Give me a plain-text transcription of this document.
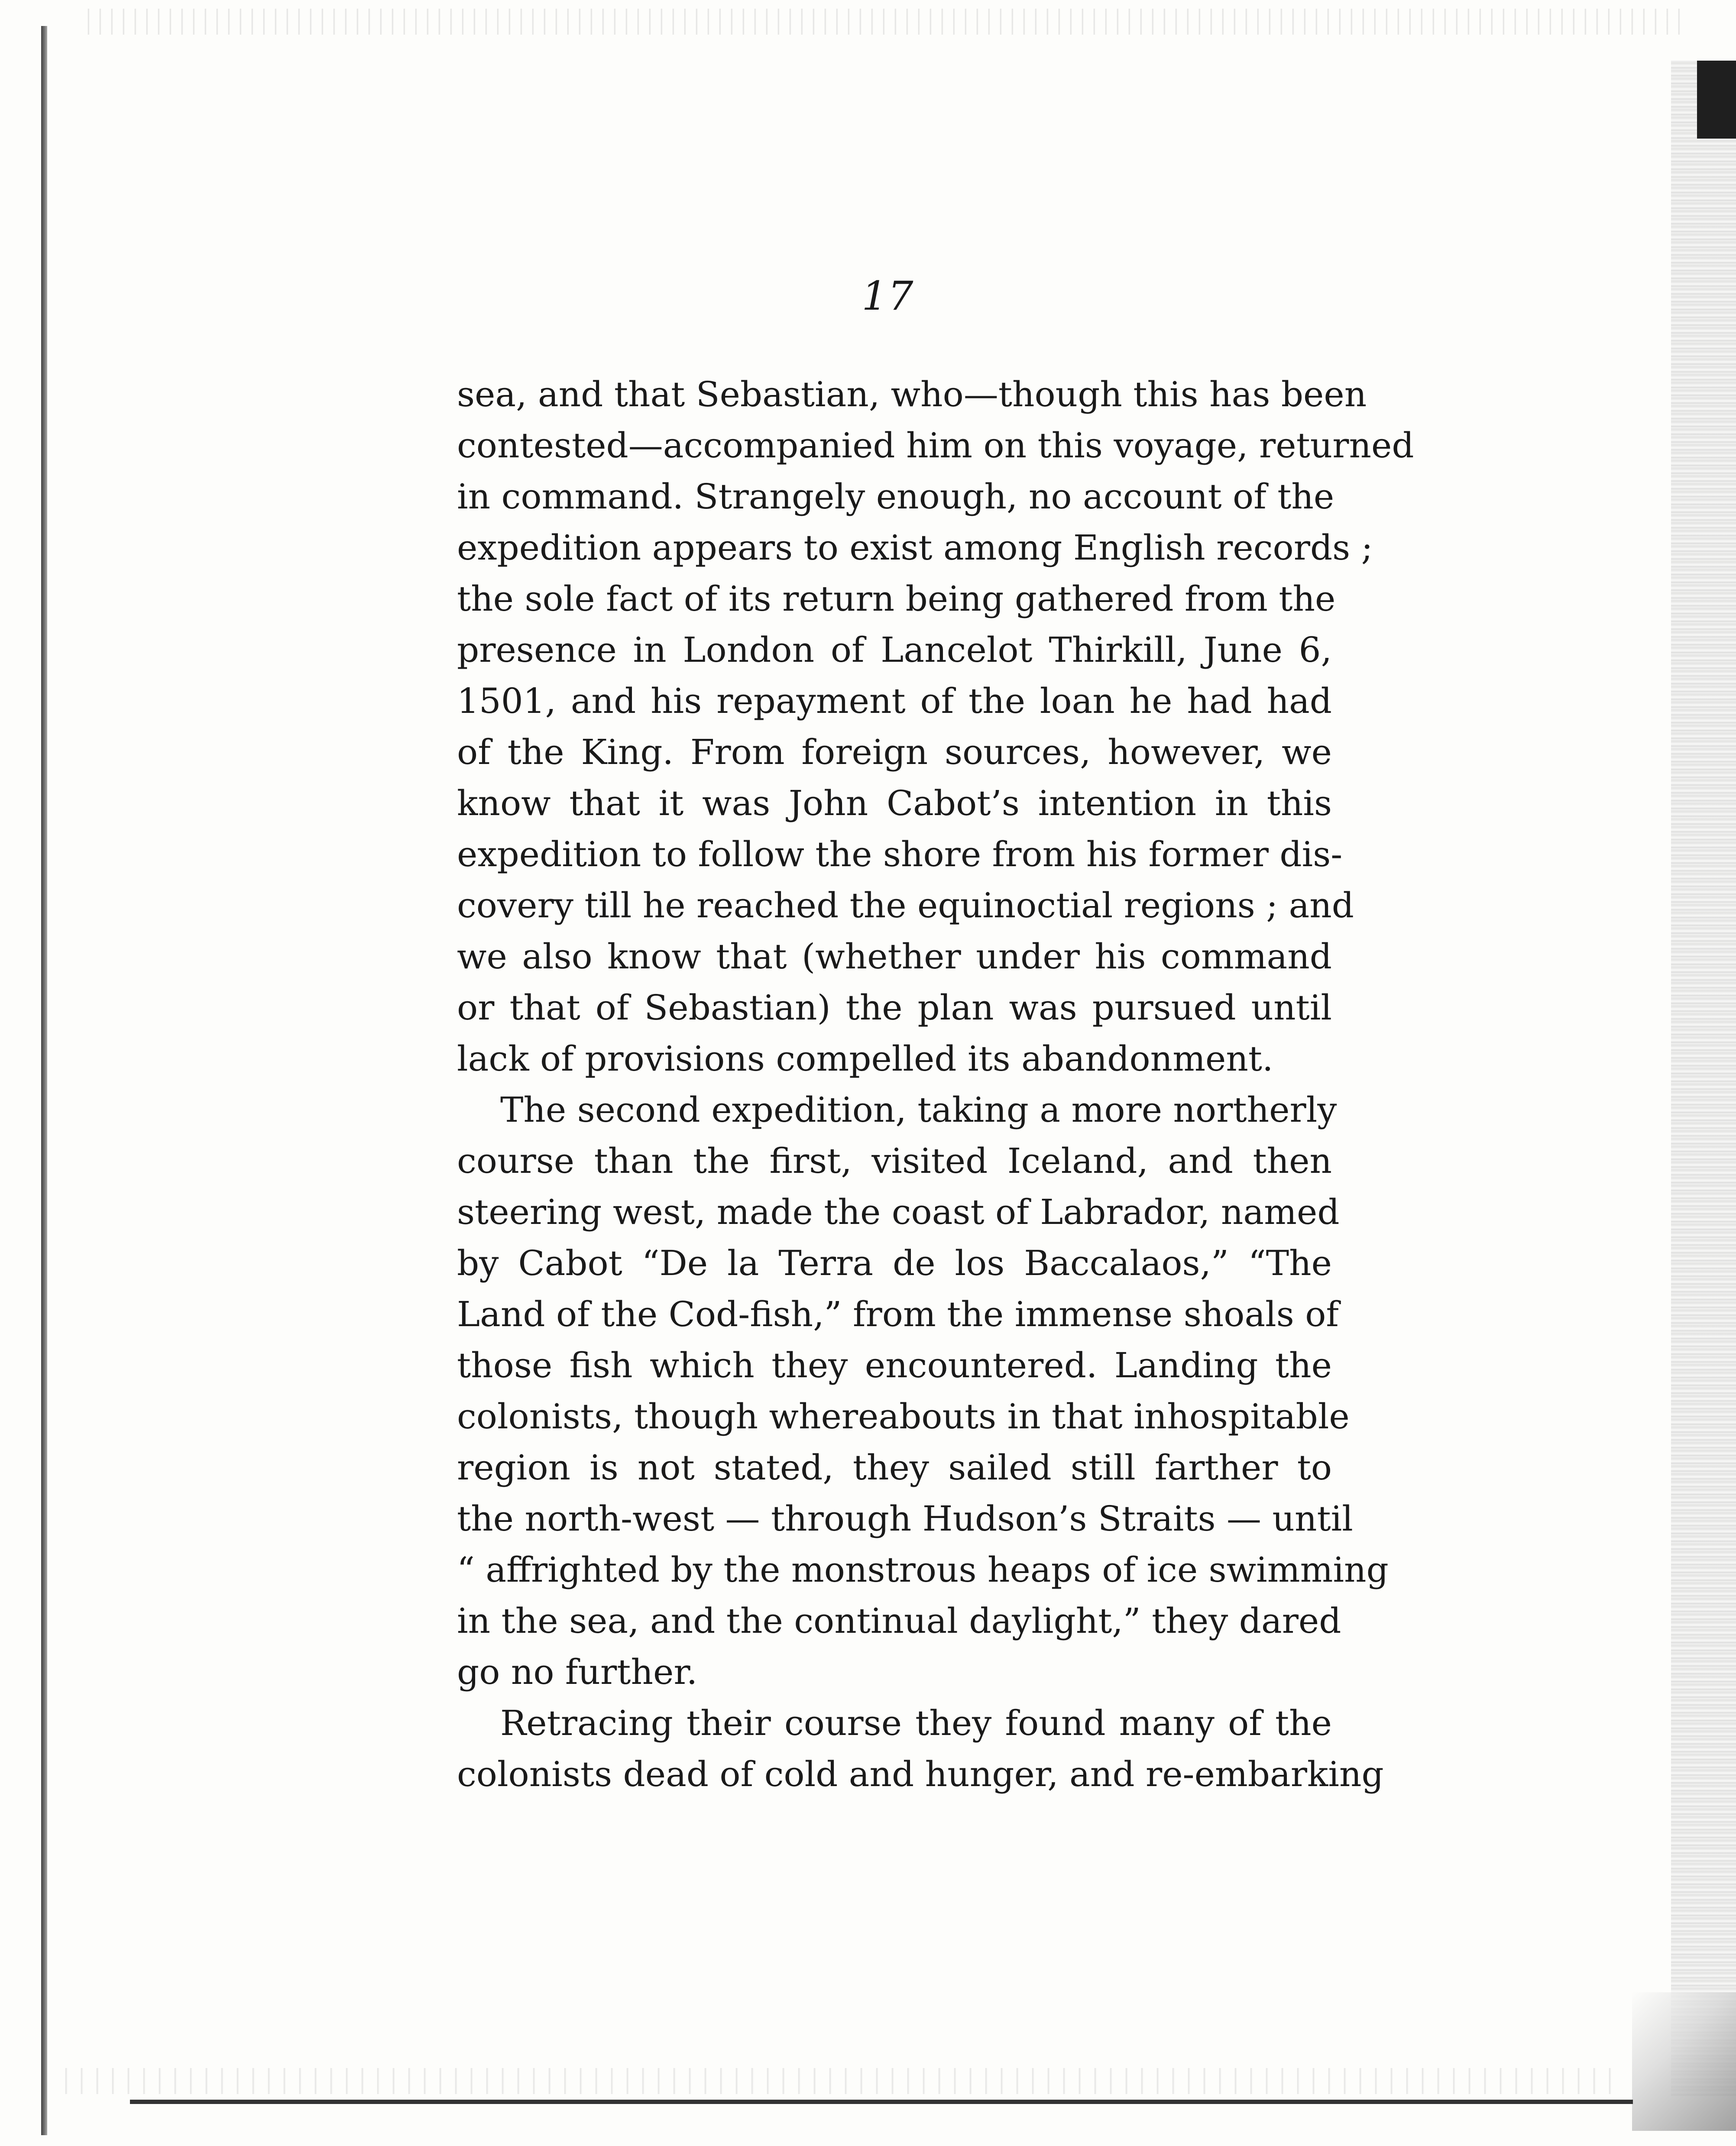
17
sea, and that Sebastian, who—though this has been
contested—accompanied him on this voyage, returned
in command. Strangely enough, no account of the
expedition appears to exist among English records ;
the sole fact of its return being gathered from the
presence in London of Lancelot Thirkill, June 6,
1501, and his repayment of the loan he had had
of the King. From foreign sources, however, we
know that it was John Cabot’s intention in this
expedition to follow the shore from his former dis-
covery till he reached the equinoctial regions ; and
we also know that (whether under his command
or that of Sebastian) the plan was pursued until
lack of provisions compelled its abandonment.
The second expedition, taking a more northerly
course than the first, visited Iceland, and then
steering west, made the coast of Labrador, named
by Cabot “De la Terra de los Baccalaos,” “The
Land of the Cod-fish,” from the immense shoals of
those fish which they encountered. Landing the
colonists, though whereabouts in that inhospitable
region is not stated, they sailed still farther to
the north-west — through Hudson’s Straits — until
“ affrighted by the monstrous heaps of ice swimming
in the sea, and the continual daylight,” they dared
go no further.
Retracing their course they found many of the
colonists dead of cold and hunger, and re-embarking
